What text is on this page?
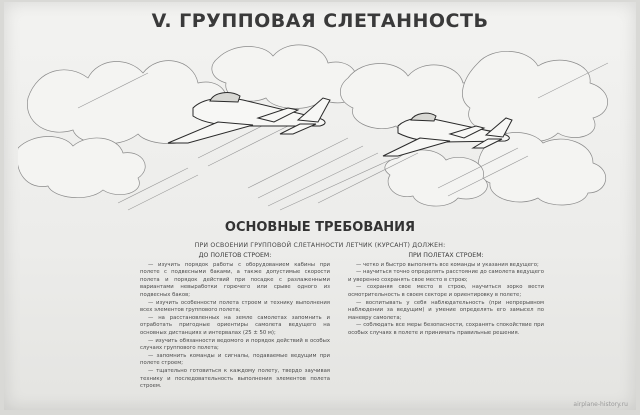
V. ГРУППОВАЯ СЛЕТАННОСТЬ
ОСНОВНЫЕ ТРЕБОВАНИЯ
ПРИ ОСВОЕНИИ ГРУППОВОЙ СЛЕТАННОСТИ ЛЕТЧИК (КУРСАНТ) ДОЛЖЕН:
ДО ПОЛЕТОВ СТРОЕМ:

— изучить порядок работы с оборудованием кабины при полете с подвесными баками, а также допустимые скорости полета и порядок действий при посадке с разлаженными вариантами невыработки горючего или срыве одного из подвесных баков;

— изучить особенности полета строем и технику выполнения всех элементов группового полета;

— на расстановленных на земле самолетах запомнить и отработать пригодные ориентиры самолета ведущего на основных дистанциях и интервалах (25 ± 50 м);

— изучить обязанности ведомого и порядок действий в особых случаях группового полета;

— запомнить команды и сигналы, подаваемые ведущим при полете строем;

— тщательно готовиться к каждому полету, твердо заучивая технику и последовательность выполнения элементов полета строем.

ПРИ ПОЛЕТАХ СТРОЕМ:

— четко и быстро выполнять все команды и указания ведущего;

— научиться точно определять расстояние до самолета ведущего и уверенно сохранять свое место в строю;

— сохраняя свое место в строю, научиться зорко вести осмотрительность в своем секторе и ориентировку в полете;

— воспитывать у себя наблюдательность (при непрерывном наблюдении за ведущим) и умение определять его замысел по маневру самолета;

— соблюдать все меры безопасности, сохранять спокойствие при особых случаях в полете и принимать правильные решения.

airplane-history.ru
